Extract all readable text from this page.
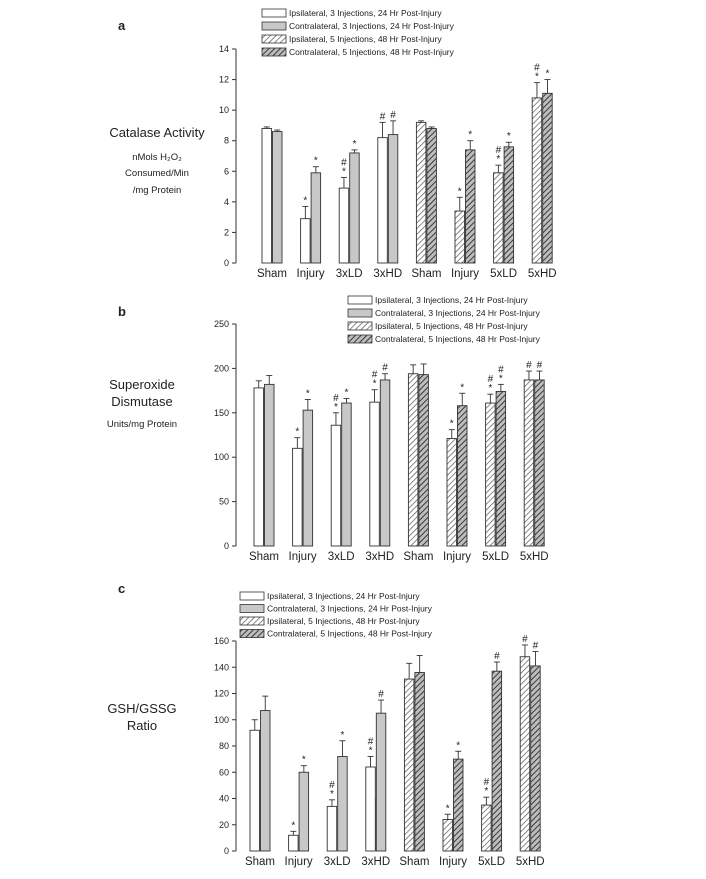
a
Catalase Activity
nMols H₂O₂
Consumed/Min
/mg Protein
0
2
4
6
8
10
12
14
*
* #
*
*
# #
*
*
#
*
*
#
* *
Sham Injury 3xLD 3xHD Sham Injury 5xLD 5xHD
Ipsilateral, 3 Injections, 24 Hr Post-Injury
Contralateral, 3 Injections, 24 Hr Post-Injury
Ipsilateral, 5 Injections, 48 Hr Post-Injury
Contralateral, 5 Injections, 48 Hr Post-Injury
b
Superoxide
Dismutase
Units/mg Protein
0
50
100
150
200
250
*
* #
*
*
#
*
#
*
*
#
*
#
*
# #
Sham Injury 3xLD 3xHD Sham Injury 5xLD 5xHD
Ipsilateral, 3 Injections, 24 Hr Post-Injury
Contralateral, 3 Injections, 24 Hr Post-Injury
Ipsilateral, 5 Injections, 48 Hr Post-Injury
Contralateral, 5 Injections, 48 Hr Post-Injury
c
GSH/GSSG
Ratio
0
20
40
60
80
100
120
140
160
*
*
#
*
*
#
*
#
*
*
#
*
#
#
#
Sham Injury 3xLD 3xHD Sham Injury 5xLD 5xHD
Ipsilateral, 3 Injections, 24 Hr Post-Injury
Contralateral, 3 Injections, 24 Hr Post-Injury
Ipsilateral, 5 Injections, 48 Hr Post-Injury
Contralateral, 5 Injections, 48 Hr Post-Injury
